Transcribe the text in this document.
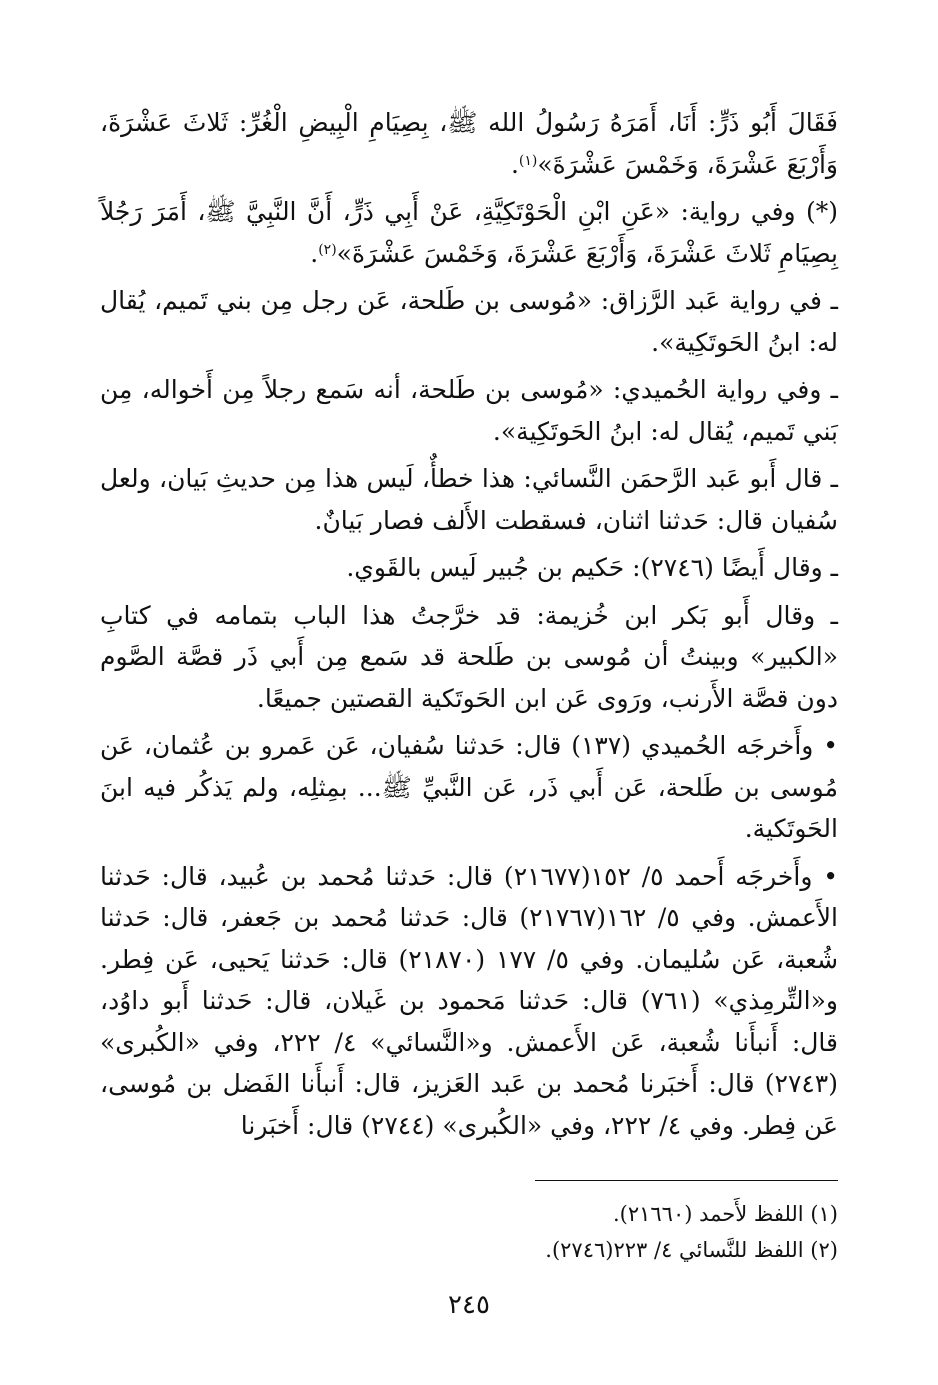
فَقَالَ أَبُو ذَرٍّ: أَنَا، أَمَرَهُ رَسُولُ الله ﷺ، بِصِيَامِ الْبِيضِ الْغُرِّ: ثَلاثَ عَشْرَةَ، وَأَرْبَعَ عَشْرَةَ، وَخَمْسَ عَشْرَةَ»$^{(١)}$.

(*) وفي رواية: «عَنِ ابْنِ الْحَوْتَكِيَّةِ، عَنْ أَبِي ذَرٍّ، أَنَّ النَّبِيَّ ﷺ، أَمَرَ رَجُلاً بِصِيَامِ ثَلاثَ عَشْرَةَ، وَأَرْبَعَ عَشْرَةَ، وَخَمْسَ عَشْرَةَ»$^{(٢)}$.

ـ في رواية عَبد الرَّزاق: «مُوسى بن طَلحة، عَن رجل مِن بني تَميم، يُقال له: ابنُ الحَوتَكِية».

ـ وفي رواية الحُميدي: «مُوسى بن طَلحة، أنه سَمع رجلاً مِن أَخواله، مِن بَني تَميم، يُقال له: ابنُ الحَوتَكِية».

ـ قال أَبو عَبد الرَّحمَن النَّسائي: هذا خطأٌ، لَيس هذا مِن حديثِ بَيان، ولعل سُفيان قال: حَدثنا اثنان، فسقطت الأَلف فصار بَيانٌ.

ـ وقال أَيضًا (٢٧٤٦): حَكيم بن جُبير لَيس بالقَوي.

ـ وقال أَبو بَكر ابن خُزيمة: قد خرَّجتُ هذا الباب بتمامه في كتابِ «الكبير» وبينتُ أن مُوسى بن طَلحة قد سَمع مِن أَبي ذَر قصَّة الصَّوم دون قصَّة الأَرنب، ورَوى عَن ابن الحَوتَكية القصتين جميعًا.

• وأَخرجَه الحُميدي (١٣٧) قال: حَدثنا سُفيان، عَن عَمرو بن عُثمان، عَن مُوسى بن طَلحة، عَن أَبي ذَر، عَن النَّبيِّ ﷺ... بمِثلِه، ولم يَذكُر فيه ابنَ الحَوتَكية.

• وأَخرجَه أَحمد ٥/ ١٥٢(٢١٦٧٧) قال: حَدثنا مُحمد بن عُبيد، قال: حَدثنا الأَعمش. وفي ٥/ ١٦٢(٢١٧٦٧) قال: حَدثنا مُحمد بن جَعفر، قال: حَدثنا شُعبة، عَن سُليمان. وفي ٥/ ١٧٧ (٢١٨٧٠) قال: حَدثنا يَحيى، عَن فِطر. و«التِّرمِذي» (٧٦١) قال: حَدثنا مَحمود بن غَيلان، قال: حَدثنا أَبو داوُد، قال: أَنبأَنا شُعبة، عَن الأَعمش. و«النَّسائي» ٤/ ٢٢٢، وفي «الكُبرى» (٢٧٤٣) قال: أَخبَرنا مُحمد بن عَبد العَزيز، قال: أَنبأَنا الفَضل بن مُوسى، عَن فِطر. وفي ٤/ ٢٢٢، وفي «الكُبرى» (٢٧٤٤) قال: أَخبَرنا

(١) اللفظ لأَحمد (٢١٦٦٠).

(٢) اللفظ للنَّسائي ٤/ ٢٢٣(٢٧٤٦).

٢٤٥
